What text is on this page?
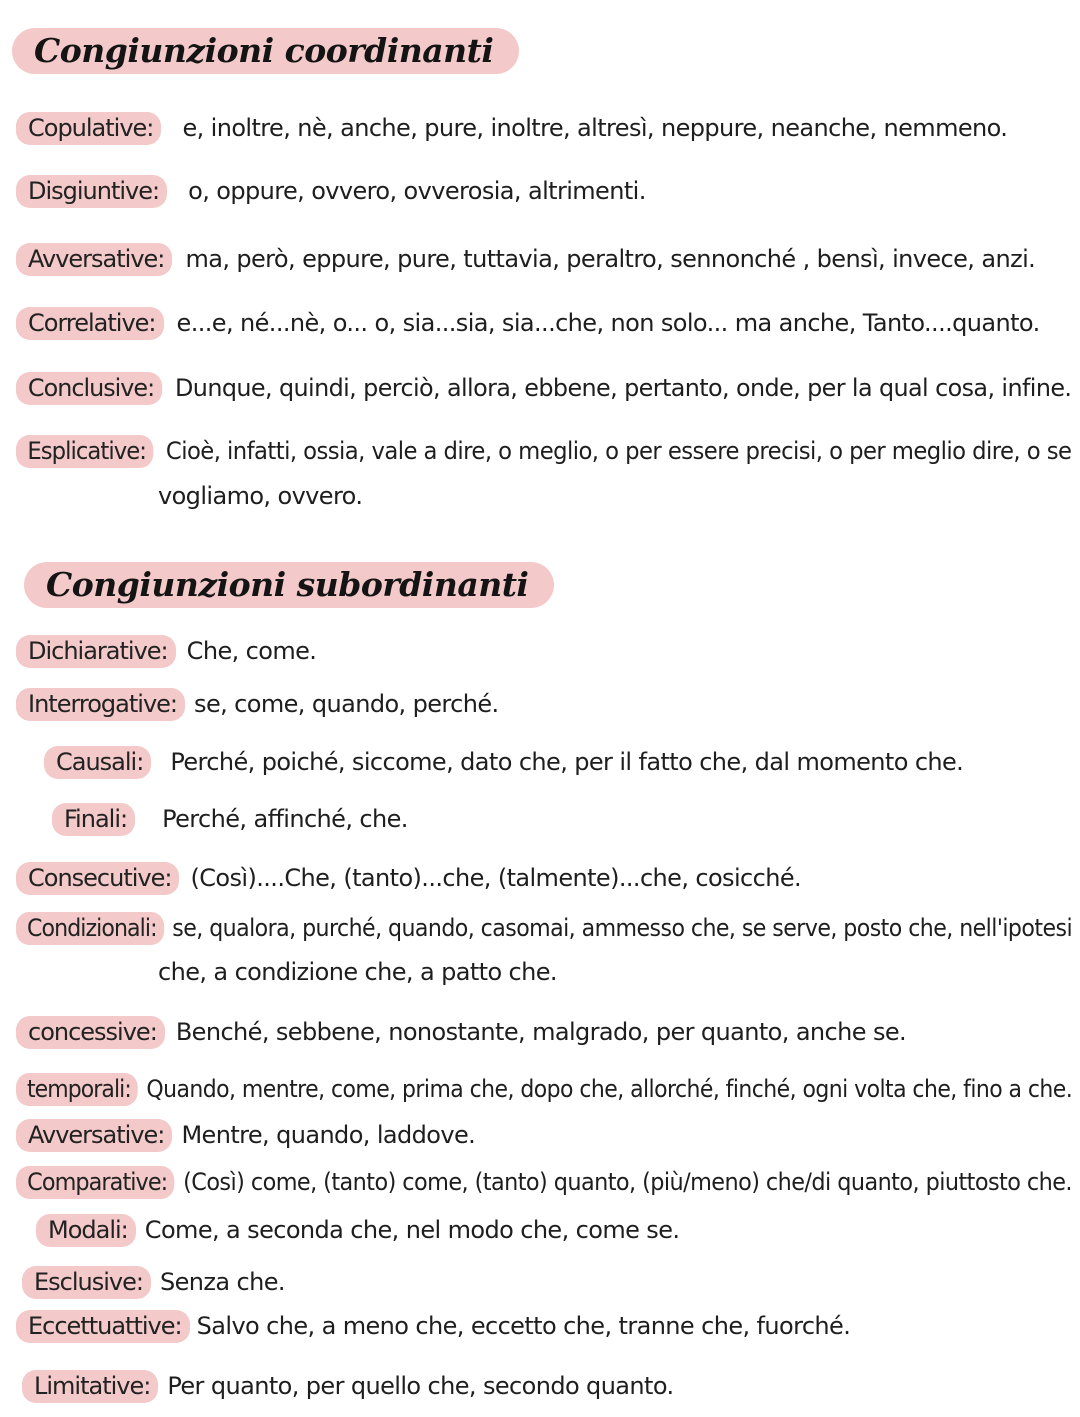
Congiunzioni coordinanti
Copulative: e, inoltre, nè, anche, pure, inoltre, altresì, neppure, neanche, nemmeno.
Disgiuntive: o, oppure, ovvero, ovverosia, altrimenti.
Avversative: ma, però, eppure, pure, tuttavia, peraltro, sennonché , bensì, invece, anzi.
Correlative: e...e, né...nè, o... o, sia...sia, sia...che, non solo... ma anche, Tanto....quanto.
Conclusive: Dunque, quindi, perciò, allora, ebbene, pertanto, onde, per la qual cosa, infine.
Esplicative: Cioè, infatti, ossia, vale a dire, o meglio, o per essere precisi, o per meglio dire, o se
vogliamo, ovvero.
Congiunzioni subordinanti
Dichiarative: Che, come.
Interrogative: se, come, quando, perché.
Causali: Perché, poiché, siccome, dato che, per il fatto che, dal momento che.
Finali: Perché, affinché, che.
Consecutive: (Così)....Che, (tanto)...che, (talmente)...che, cosicché.
Condizionali: se, qualora, purché, quando, casomai, ammesso che, se serve, posto che, nell'ipotesi
che, a condizione che, a patto che.
concessive: Benché, sebbene, nonostante, malgrado, per quanto, anche se.
temporali: Quando, mentre, come, prima che, dopo che, allorché, finché, ogni volta che, fino a che.
Avversative: Mentre, quando, laddove.
Comparative: (Così) come, (tanto) come, (tanto) quanto, (più/meno) che/di quanto, piuttosto che.
Modali: Come, a seconda che, nel modo che, come se.
Esclusive: Senza che.
Eccettuattive: Salvo che, a meno che, eccetto che, tranne che, fuorché.
Limitative: Per quanto, per quello che, secondo quanto.
